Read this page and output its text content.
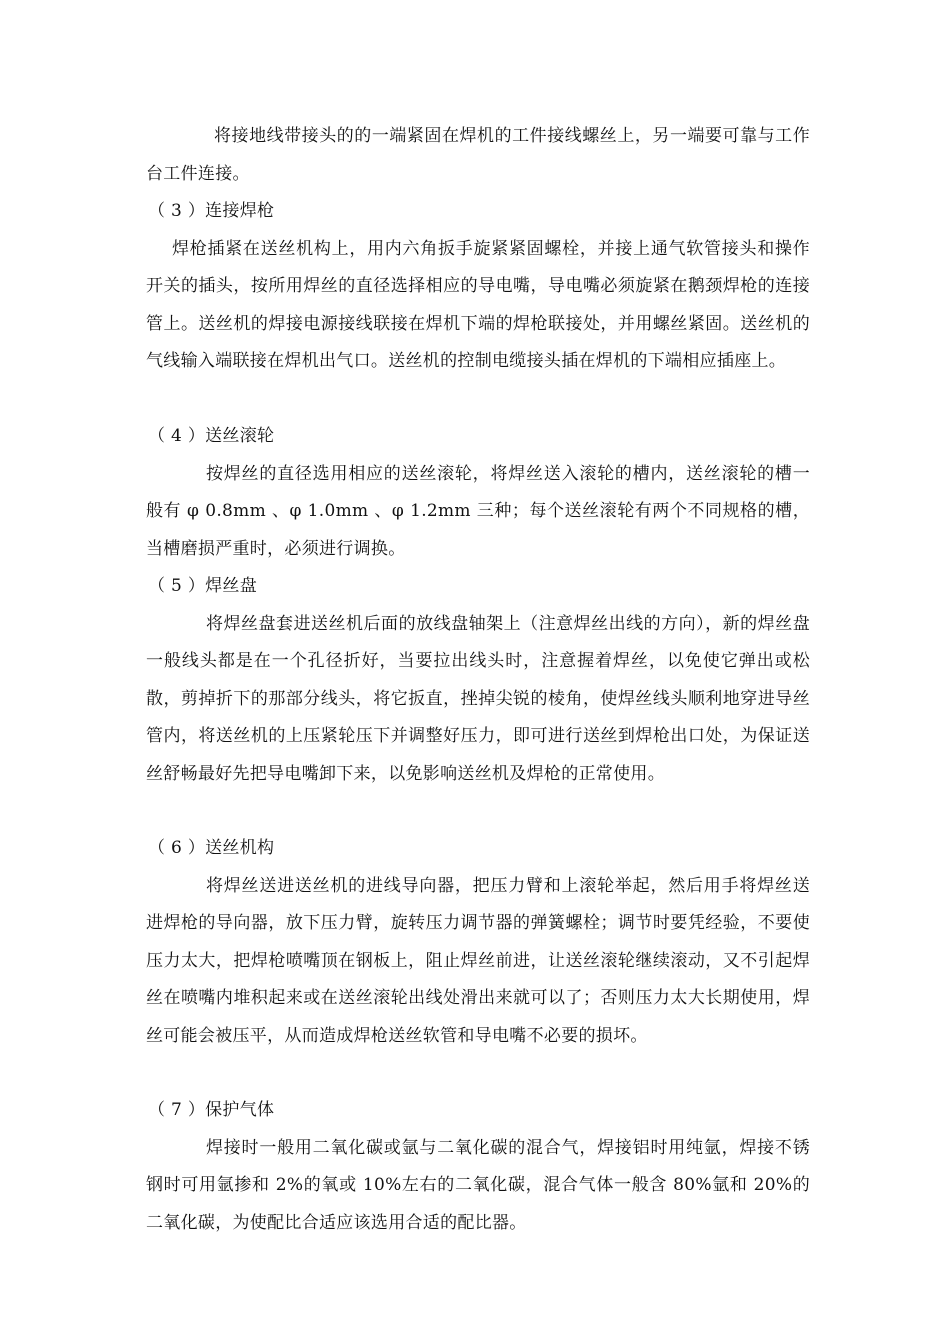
将接地线带接头的的一端紧固在焊机的工件接线螺丝上，另一端要可靠与工作台工件连接。

（ 3 ）连接焊枪

焊枪插紧在送丝机构上，用内六角扳手旋紧紧固螺栓，并接上通气软管接头和操作开关的插头，按所用焊丝的直径选择相应的导电嘴，导电嘴必须旋紧在鹅颈焊枪的连接管上。送丝机的焊接电源接线联接在焊机下端的焊枪联接处，并用螺丝紧固。送丝机的气线输入端联接在焊机出气口。送丝机的控制电缆接头插在焊机的下端相应插座上。

（ 4 ）送丝滚轮

按焊丝的直径选用相应的送丝滚轮，将焊丝送入滚轮的槽内，送丝滚轮的槽一般有 φ 0.8mm 、φ 1.0mm 、φ 1.2mm 三种；每个送丝滚轮有两个不同规格的槽，当槽磨损严重时，必须进行调换。

（ 5 ）焊丝盘

将焊丝盘套进送丝机后面的放线盘轴架上（注意焊丝出线的方向），新的焊丝盘一般线头都是在一个孔径折好，当要拉出线头时，注意握着焊丝，以免使它弹出或松散，剪掉折下的那部分线头，将它扳直，挫掉尖锐的棱角，使焊丝线头顺利地穿进导丝管内，将送丝机的上压紧轮压下并调整好压力，即可进行送丝到焊枪出口处，为保证送丝舒畅最好先把导电嘴卸下来，以免影响送丝机及焊枪的正常使用。

（ 6 ）送丝机构

将焊丝送进送丝机的进线导向器，把压力臂和上滚轮举起，然后用手将焊丝送进焊枪的导向器，放下压力臂，旋转压力调节器的弹簧螺栓；调节时要凭经验，不要使压力太大，把焊枪喷嘴顶在钢板上，阻止焊丝前进，让送丝滚轮继续滚动，又不引起焊丝在喷嘴内堆积起来或在送丝滚轮出线处滑出来就可以了；否则压力太大长期使用，焊丝可能会被压平，从而造成焊枪送丝软管和导电嘴不必要的损坏。

（ 7 ）保护气体

焊接时一般用二氧化碳或氩与二氧化碳的混合气，焊接铝时用纯氩，焊接不锈钢时可用氩掺和 2%的氧或 10%左右的二氧化碳，混合气体一般含 80%氩和 20%的二氧化碳，为使配比合适应该选用合适的配比器。
